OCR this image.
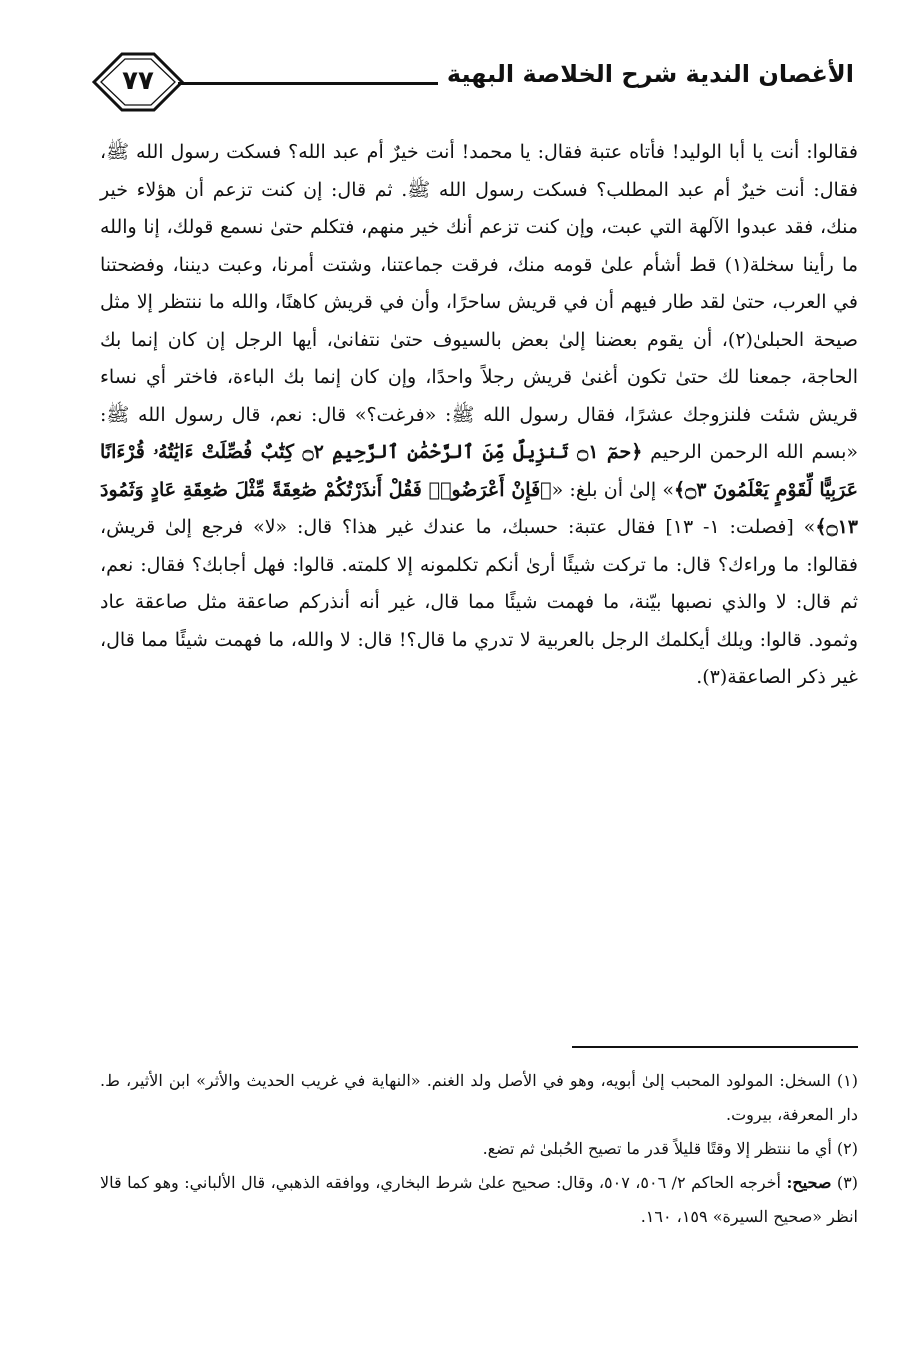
الأغصان الندية شرح الخلاصة البهية
٧٧

فقالوا: أنت يا أبا الوليد! فأتاه عتبة فقال: يا محمد! أنت خيرٌ أم عبد الله؟ فسكت رسول الله ﷺ، فقال: أنت خيرٌ أم عبد المطلب؟ فسكت رسول الله ﷺ. ثم قال: إن كنت تزعم أن هؤلاء خير منك، فقد عبدوا الآلهة التي عبت، وإن كنت تزعم أنك خير منهم، فتكلم حتىٰ نسمع قولك، إنا والله ما رأينا سخلة(١) قط أشأم علىٰ قومه منك، فرقت جماعتنا، وشتت أمرنا، وعبت ديننا، وفضحتنا في العرب، حتىٰ لقد طار فيهم أن في قريش ساحرًا، وأن في قريش كاهنًا، والله ما ننتظر إلا مثل صيحة الحبلىٰ(٢)، أن يقوم بعضنا إلىٰ بعض بالسيوف حتىٰ نتفانىٰ، أيها الرجل إن كان إنما بك الحاجة، جمعنا لك حتىٰ تكون أغنىٰ قريش رجلاً واحدًا، وإن كان إنما بك الباءة، فاختر أي نساء قريش شئت فلنزوجك عشرًا، فقال رسول الله ﷺ: «فرغت؟» قال: نعم، قال رسول الله ﷺ: «بسم الله الرحمن الرحيم ﴿حمٓ ۝١ تَنزِيلٌ مِّنَ ٱلرَّحْمَٰنِ ٱلرَّحِيمِ ۝٢ كِتَٰبٌ فُصِّلَتْ ءَايَٰتُهُۥ قُرْءَانًا عَرَبِيًّا لِّقَوْمٍ يَعْلَمُونَ ۝٣﴾» إلىٰ أن بلغ: «﴿فَإِنْ أَعْرَضُوا۟ فَقُلْ أَنذَرْتُكُمْ صَٰعِقَةً مِّثْلَ صَٰعِقَةِ عَادٍ وَثَمُودَ ۝١٣﴾» [فصلت: ١- ١٣] فقال عتبة: حسبك، ما عندك غير هذا؟ قال: «لا» فرجع إلىٰ قريش، فقالوا: ما وراءك؟ قال: ما تركت شيئًا أرىٰ أنكم تكلمونه إلا كلمته. قالوا: فهل أجابك؟ فقال: نعم، ثم قال: لا والذي نصبها بيّنة، ما فهمت شيئًا مما قال، غير أنه أنذركم صاعقة مثل صاعقة عاد وثمود. قالوا: ويلك أيكلمك الرجل بالعربية لا تدري ما قال؟! قال: لا والله، ما فهمت شيئًا مما قال، غير ذكر الصاعقة(٣).

(١) السخل: المولود المحبب إلىٰ أبويه، وهو في الأصل ولد الغنم. «النهاية في غريب الحديث والأثر» ابن الأثير، ط. دار المعرفة، بيروت.

(٢) أي ما ننتظر إلا وقتًا قليلاً قدر ما تصيح الحُبلىٰ ثم تضع.

(٣) صحيح: أخرجه الحاكم ٢/ ٥٠٦، ٥٠٧، وقال: صحيح علىٰ شرط البخاري، ووافقه الذهبي، قال الألباني: وهو كما قالا انظر «صحيح السيرة» ١٥٩، ١٦٠.
